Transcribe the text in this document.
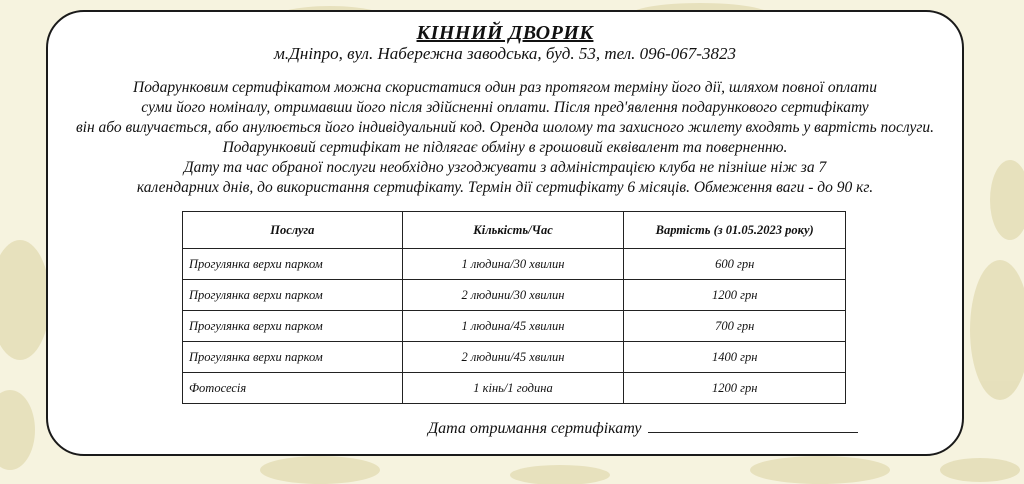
КІННИЙ ДВОРИК
м.Дніпро, вул. Набережна заводська, буд. 53, тел. 096-067-3823
Подарунковим сертифікатом можна скористатися один раз протягом терміну його дії, шляхом повної оплати
суми його номіналу, отримавши його після здійсненні оплати. Після пред'явлення подарункового сертифікату
він або вилучається, або анулюється його індивідуальний код. Оренда шолому та захисного жилету входять у вартість послуги.
Подарунковий сертифікат не підлягає обміну в грошовий еквівалент та поверненню.
Дату та час обраної послуги необхідно узгоджувати з адміністрацією клуба не пізніше ніж за 7
календарних днів, до використання сертифікату. Термін дії сертифікату 6 місяців. Обмеження ваги - до 90 кг.
Послуга	Кількість/Час	Вартість (з 01.05.2023 року)
Прогулянка верхи парком	1 людина/30 хвилин	600 грн
Прогулянка верхи парком	2 людини/30 хвилин	1200 грн
Прогулянка верхи парком	1 людина/45 хвилин	700 грн
Прогулянка верхи парком	2 людини/45 хвилин	1400 грн
Фотосесія	1 кінь/1 година	1200 грн
Дата отримання сертифікату
